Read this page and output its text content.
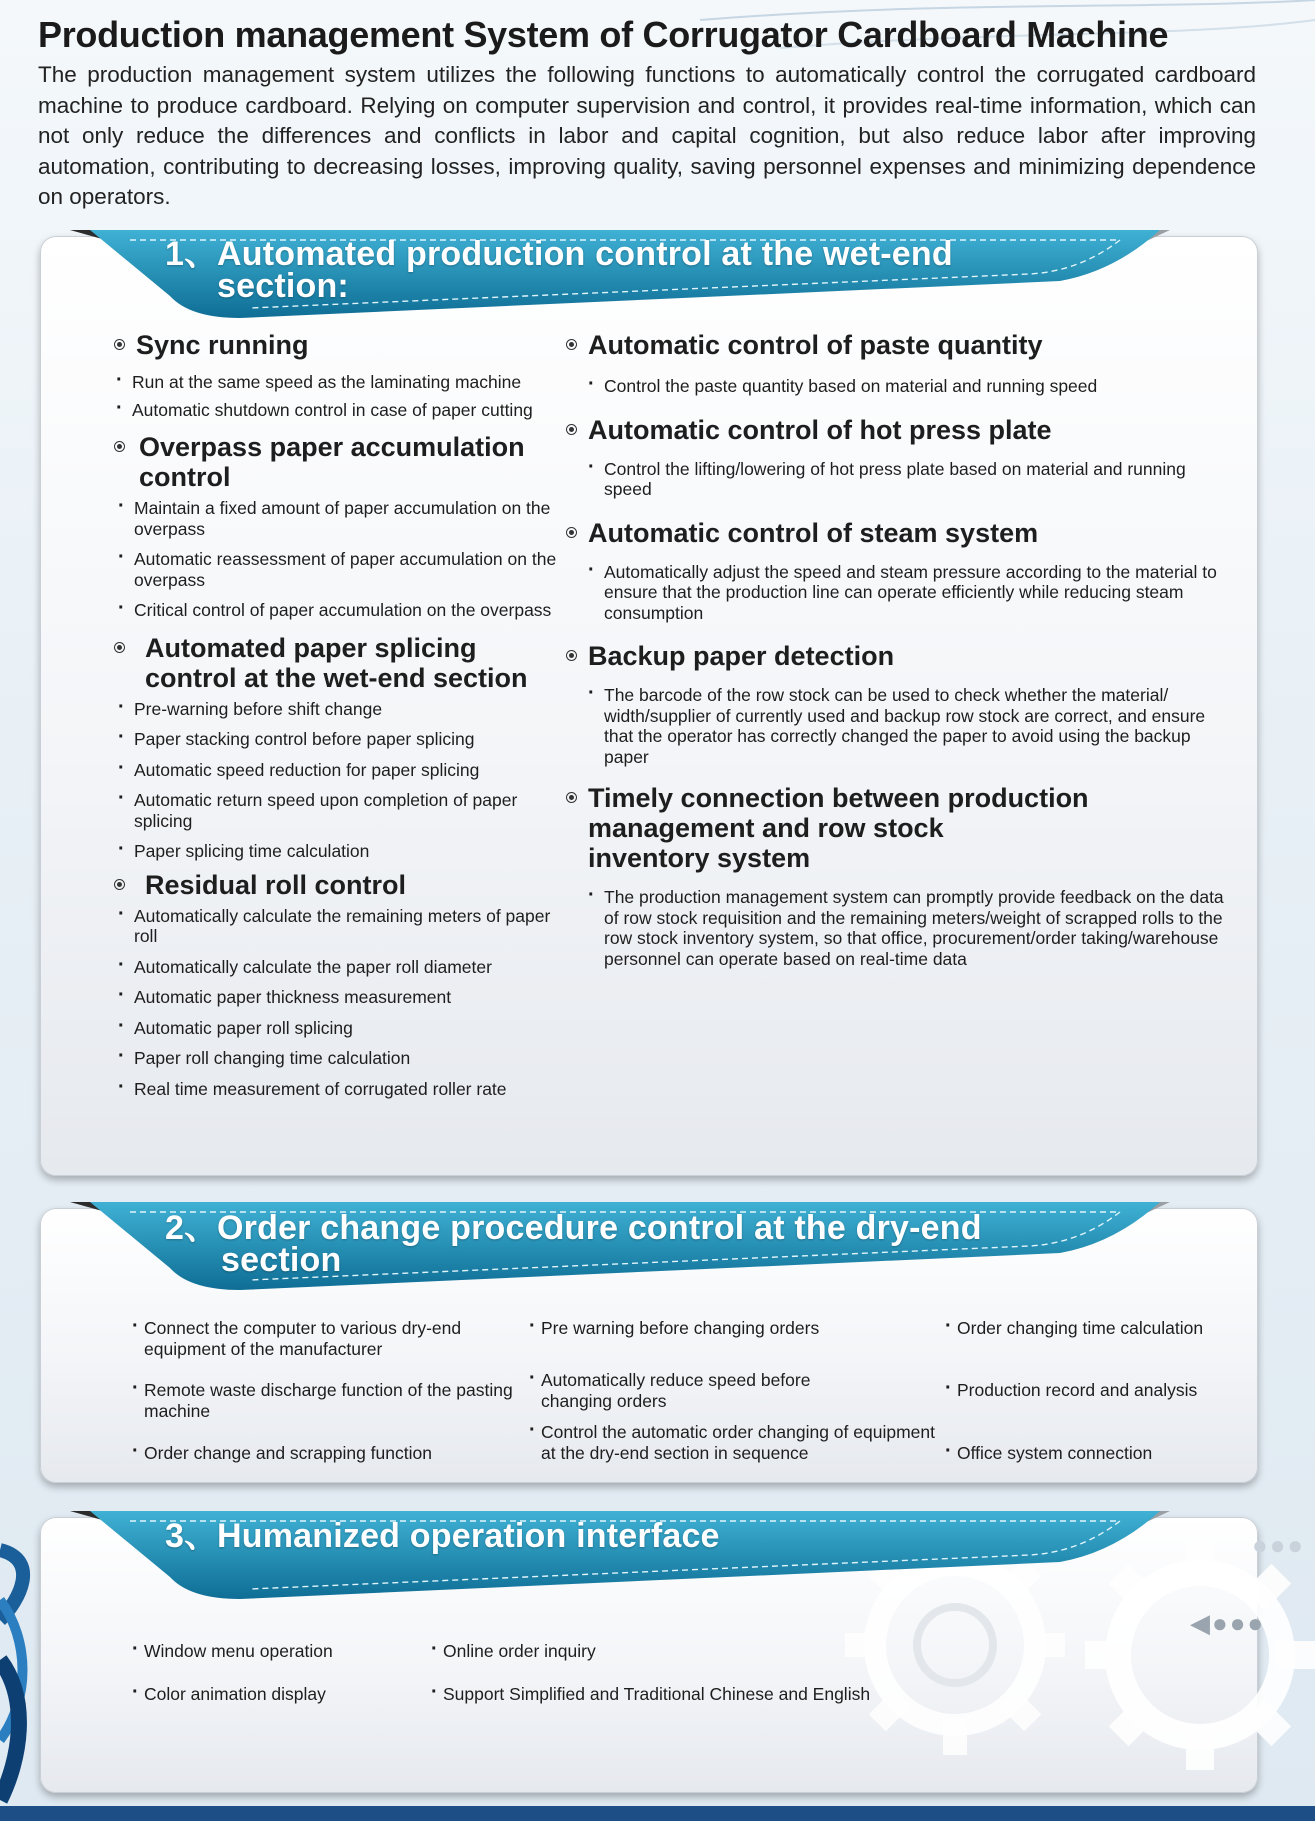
Production management System of Corrugator Cardboard Machine
The production management system utilizes the following functions to automatically control the corrugated cardboard machine to produce cardboard. Relying on computer supervision and control, it provides real-time information, which can not only reduce the differences and conflicts in labor and capital cognition, but also reduce labor after improving automation, contributing to decreasing losses, improving quality, saving personnel expenses and minimizing dependence on operators.
1、Automated production control at the wet-end
section:
Sync running
· Run at the same speed as the laminating machine
· Automatic shutdown control in case of paper cutting
Overpass paper accumulation
control
· Maintain a fixed amount of paper accumulation on the overpass
· Automatic reassessment of paper accumulation on the overpass
· Critical control of paper accumulation on the overpass
Automated paper splicing
control at the wet-end section
· Pre-warning before shift change
· Paper stacking control before paper splicing
· Automatic speed reduction for paper splicing
· Automatic return speed upon completion of paper splicing
· Paper splicing time calculation
Residual roll control
· Automatically calculate the remaining meters of paper roll
· Automatically calculate the paper roll diameter
· Automatic paper thickness measurement
· Automatic paper roll splicing
· Paper roll changing time calculation
· Real time measurement of corrugated roller rate
Automatic control of paste quantity
· Control the paste quantity based on material and running speed
Automatic control of hot press plate
· Control the lifting/lowering of hot press plate based on material and running speed
Automatic control of steam system
· Automatically adjust the speed and steam pressure according to the material to ensure that the production line can operate efficiently while reducing steam consumption
Backup paper detection
· The barcode of the row stock can be used to check whether the material/ width/supplier of currently used and backup row stock are correct, and ensure that the operator has correctly changed the paper to avoid using the backup paper
Timely connection between production
management and row stock
inventory system
· The production management system can promptly provide feedback on the data of row stock requisition and the remaining meters/weight of scrapped rolls to the row stock inventory system, so that office, procurement/order taking/warehouse personnel can operate based on real-time data
2、Order change procedure control at the dry-end
section
· Connect the computer to various dry-end equipment of the manufacturer
· Remote waste discharge function of the pasting machine
· Order change and scrapping function
· Pre warning before changing orders
· Automatically reduce speed before changing orders
· Control the automatic order changing of equipment at the dry-end section in sequence
· Order changing time calculation
· Production record and analysis
· Office system connection
●●●
◀●●●
3、Humanized operation interface
· Window menu operation
· Color animation display
· Online order inquiry
· Support Simplified and Traditional Chinese and English
